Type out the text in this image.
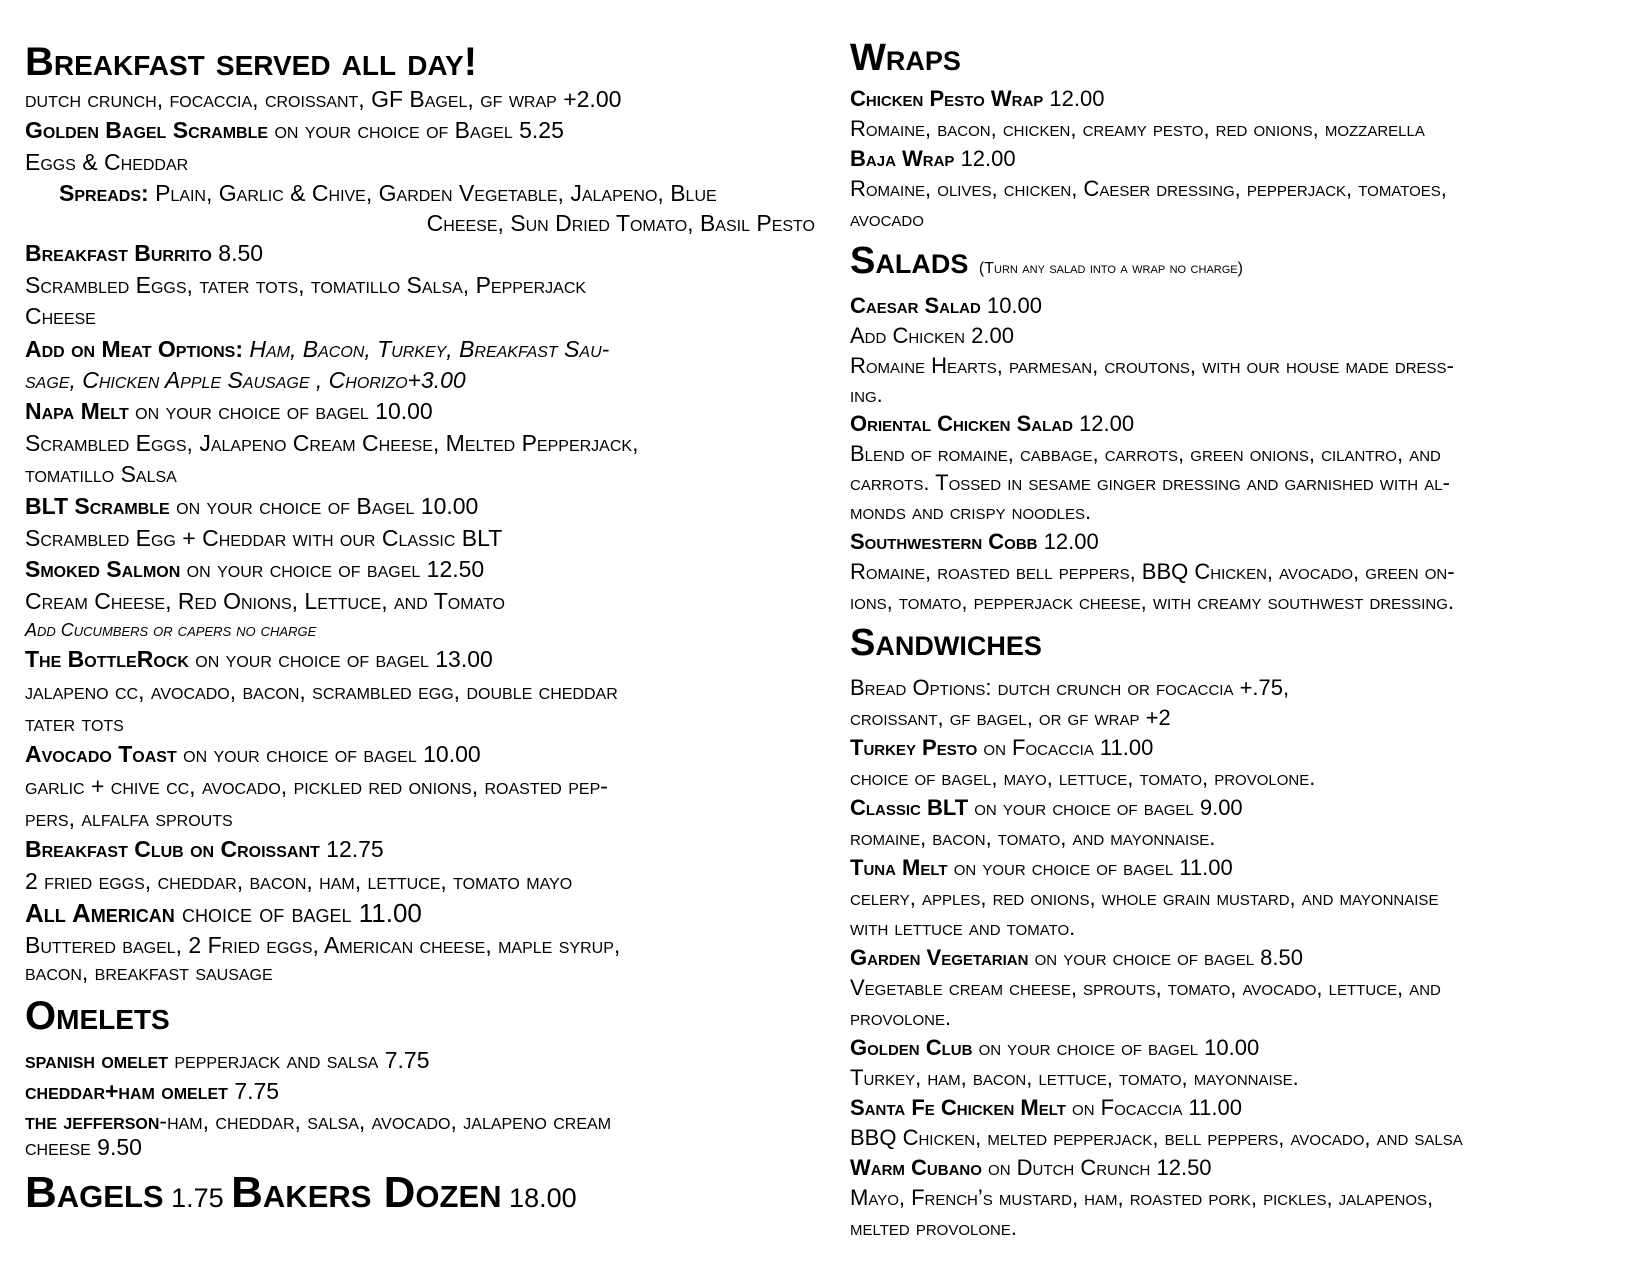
Breakfast served all day!
dutch crunch, focaccia, croissant, GF Bagel, gf wrap +2.00
Golden Bagel Scramble on your choice of Bagel 5.25
Eggs & Cheddar
Spreads: Plain, Garlic & Chive, Garden Vegetable, Jalapeno, Blue
Cheese, Sun Dried Tomato, Basil Pesto
Breakfast Burrito 8.50
Scrambled Eggs, tater tots, tomatillo Salsa, Pepperjack
Cheese
Add on Meat Options: Ham, Bacon, Turkey, Breakfast Sau-
sage, Chicken Apple Sausage , Chorizo+3.00
Napa Melt on your choice of bagel 10.00
Scrambled Eggs, Jalapeno Cream Cheese, Melted Pepperjack,
tomatillo Salsa
BLT Scramble on your choice of Bagel 10.00
Scrambled Egg + Cheddar with our Classic BLT
Smoked Salmon on your choice of bagel 12.50
Cream Cheese, Red Onions, Lettuce, and Tomato
Add Cucumbers or capers no charge
The BottleRock on your choice of bagel 13.00
jalapeno cc, avocado, bacon, scrambled egg, double cheddar
tater tots
Avocado Toast on your choice of bagel 10.00
garlic + chive cc, avocado, pickled red onions, roasted pep-
pers, alfalfa sprouts
Breakfast Club on Croissant 12.75
2 fried eggs, cheddar, bacon, ham, lettuce, tomato mayo
All American choice of bagel 11.00
Buttered bagel, 2 Fried eggs, American cheese, maple syrup,
bacon, breakfast sausage
Omelets
spanish omelet pepperjack and salsa 7.75
cheddar+ham omelet 7.75
the jefferson-ham, cheddar, salsa, avocado, jalapeno cream
cheese 9.50
Bagels 1.75 Bakers Dozen 18.00
Wraps
Chicken Pesto Wrap 12.00
Romaine, bacon, chicken, creamy pesto, red onions, mozzarella
Baja Wrap 12.00
Romaine, olives, chicken, Caeser dressing, pepperjack, tomatoes,
avocado
Salads (Turn any salad into a wrap no charge)
Caesar Salad 10.00
Add Chicken 2.00
Romaine Hearts, parmesan, croutons, with our house made dress-
ing.
Oriental Chicken Salad 12.00
Blend of romaine, cabbage, carrots, green onions, cilantro, and
carrots. Tossed in sesame ginger dressing and garnished with al-
monds and crispy noodles.
Southwestern Cobb 12.00
Romaine, roasted bell peppers, BBQ Chicken, avocado, green on-
ions, tomato, pepperjack cheese, with creamy southwest dressing.
Sandwiches
Bread Options: dutch crunch or focaccia +.75,
croissant, gf bagel, or gf wrap +2
Turkey Pesto on Focaccia 11.00
choice of bagel, mayo, lettuce, tomato, provolone.
Classic BLT on your choice of bagel 9.00
romaine, bacon, tomato, and mayonnaise.
Tuna Melt on your choice of bagel 11.00
celery, apples, red onions, whole grain mustard, and mayonnaise
with lettuce and tomato.
Garden Vegetarian on your choice of bagel 8.50
Vegetable cream cheese, sprouts, tomato, avocado, lettuce, and
provolone.
Golden Club on your choice of bagel 10.00
Turkey, ham, bacon, lettuce, tomato, mayonnaise.
Santa Fe Chicken Melt on Focaccia 11.00
BBQ Chicken, melted pepperjack, bell peppers, avocado, and salsa
Warm Cubano on Dutch Crunch 12.50
Mayo, French’s mustard, ham, roasted pork, pickles, jalapenos,
melted provolone.
